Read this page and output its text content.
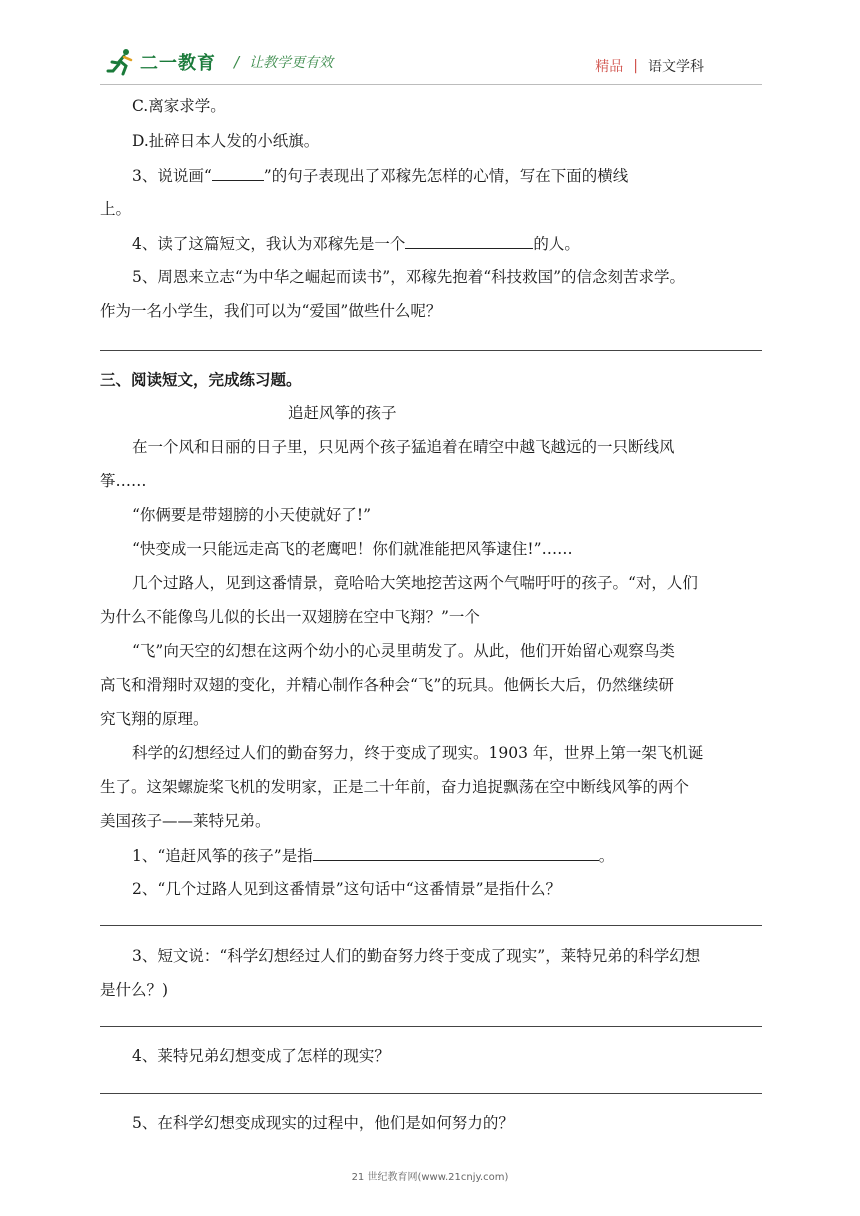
二一教育 / 让教学更有效	精品 | 语文学科
C.离家求学。
D.扯碎日本人发的小纸旗。
3、说说画“	”的句子表现出了邓稼先怎样的心情，写在下面的横线
上。
4、读了这篇短文，我认为邓稼先是一个	的人。
5、周恩来立志“为中华之崛起而读书”，邓稼先抱着“科技救国”的信念刻苦求学。
作为一名小学生，我们可以为“爱国”做些什么呢？
三、阅读短文，完成练习题。
追赶风筝的孩子
在一个风和日丽的日子里，只见两个孩子猛追着在晴空中越飞越远的一只断线风
筝……
“你俩要是带翅膀的小天使就好了!”
“快变成一只能远走高飞的老鹰吧！你们就准能把风筝逮住!”……
几个过路人，见到这番情景，竟哈哈大笑地挖苦这两个气喘吁吁的孩子。“对，人们
为什么不能像鸟儿似的长出一双翅膀在空中飞翔？”一个
“飞”向天空的幻想在这两个幼小的心灵里萌发了。从此，他们开始留心观察鸟类
高飞和滑翔时双翅的变化，并精心制作各种会“飞”的玩具。他俩长大后，仍然继续研
究飞翔的原理。
科学的幻想经过人们的勤奋努力，终于变成了现实。1903 年，世界上第一架飞机诞
生了。这架螺旋桨飞机的发明家，正是二十年前，奋力追捉飘荡在空中断线风筝的两个
美国孩子——莱特兄弟。
1、“追赶风筝的孩子”是指	。
2、“几个过路人见到这番情景”这句话中“这番情景”是指什么？
3、短文说：“科学幻想经过人们的勤奋努力终于变成了现实”，莱特兄弟的科学幻想
是什么？)
4、莱特兄弟幻想变成了怎样的现实？
5、在科学幻想变成现实的过程中，他们是如何努力的？
21 世纪教育网(www.21cnjy.com)
